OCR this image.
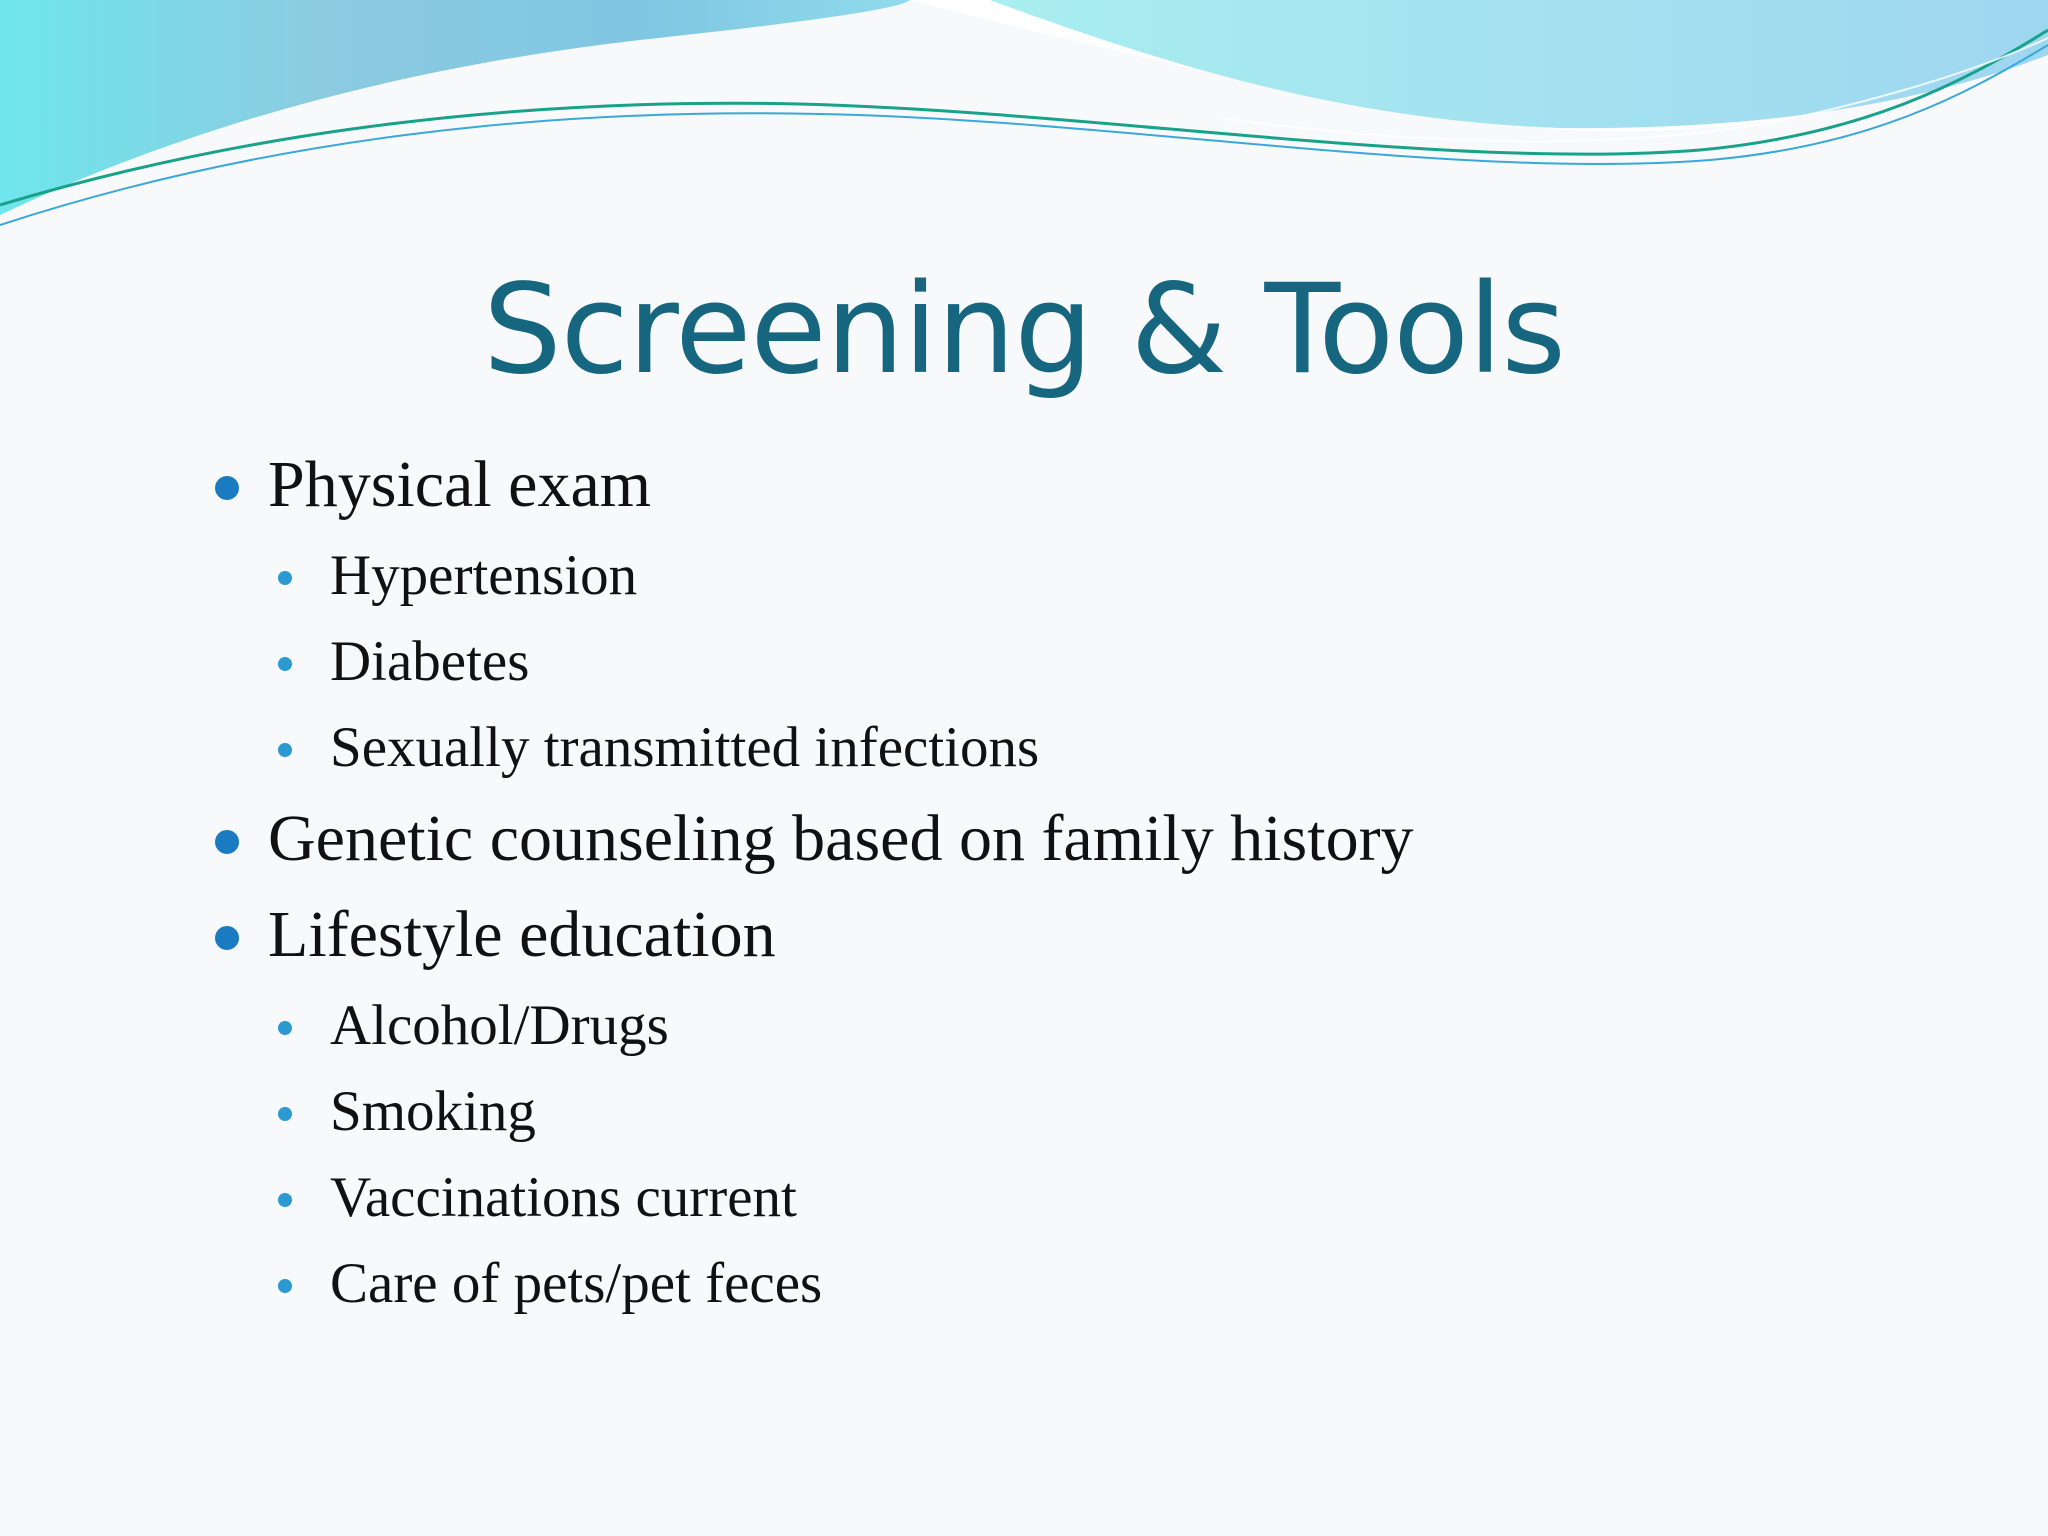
Screening & Tools
Physical exam
Hypertension
Diabetes
Sexually transmitted infections
Genetic counseling based on family history
Lifestyle education
Alcohol/Drugs
Smoking
Vaccinations current
Care of pets/pet feces
